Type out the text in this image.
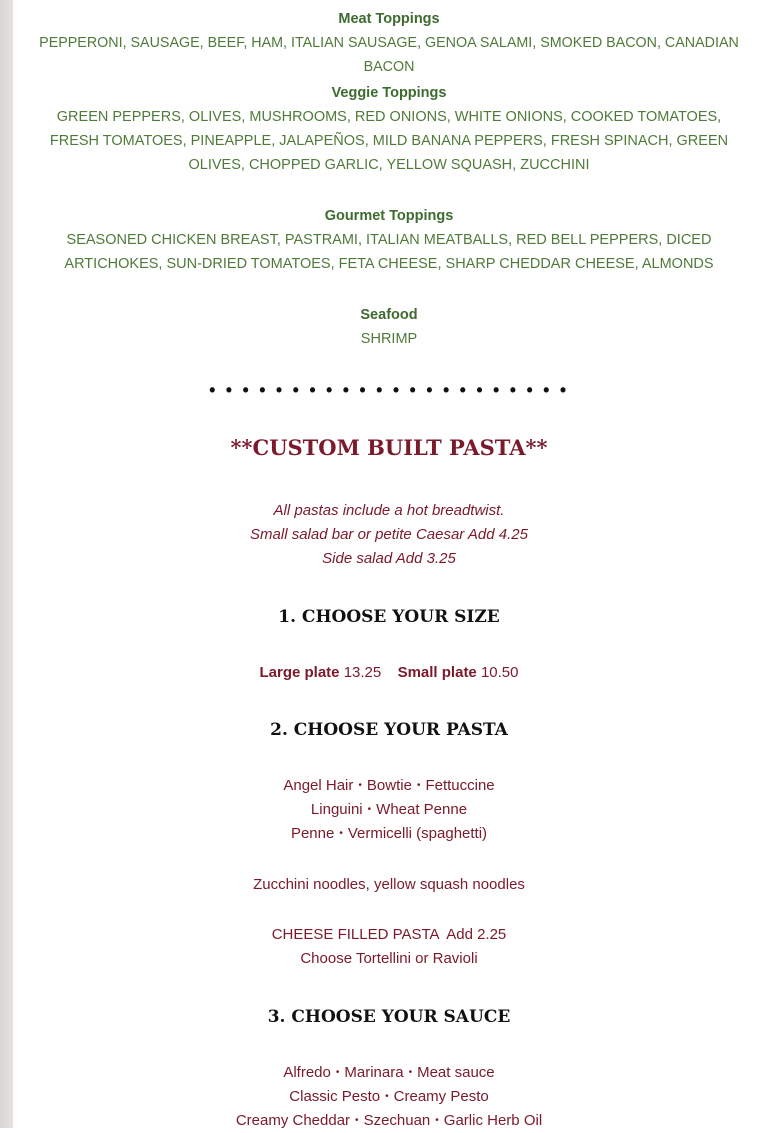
Meat Toppings
PEPPERONI, SAUSAGE, BEEF, HAM, ITALIAN SAUSAGE, GENOA SALAMI, SMOKED BACON, CANADIAN BACON
Veggie Toppings
GREEN PEPPERS, OLIVES, MUSHROOMS, RED ONIONS, WHITE ONIONS, COOKED TOMATOES,
FRESH TOMATOES, PINEAPPLE, JALAPEÑOS, MILD BANANA PEPPERS, FRESH SPINACH, GREEN
OLIVES, CHOPPED GARLIC, YELLOW SQUASH, ZUCCHINI
Gourmet Toppings
SEASONED CHICKEN BREAST, PASTRAMI, ITALIAN MEATBALLS, RED BELL PEPPERS, DICED
ARTICHOKES, SUN-DRIED TOMATOES, FETA CHEESE, SHARP CHEDDAR CHEESE, ALMONDS
Seafood
SHRIMP
• • • • • • • • • • • • • • • • • • • • • •
**CUSTOM BUILT PASTA**
All pastas include a hot breadtwist.
Small salad bar or petite Caesar Add 4.25
Side salad Add 3.25
1. CHOOSE YOUR SIZE
Large plate 13.25 Small plate 10.50
2. CHOOSE YOUR PASTA
Angel Hair • Bowtie • Fettuccine
Linguini • Wheat Penne
Penne • Vermicelli (spaghetti)
Zucchini noodles, yellow squash noodles
CHEESE FILLED PASTA  Add 2.25
Choose Tortellini or Ravioli
3. CHOOSE YOUR SAUCE
Alfredo • Marinara • Meat sauce
Classic Pesto • Creamy Pesto
Creamy Cheddar • Szechuan • Garlic Herb Oil
